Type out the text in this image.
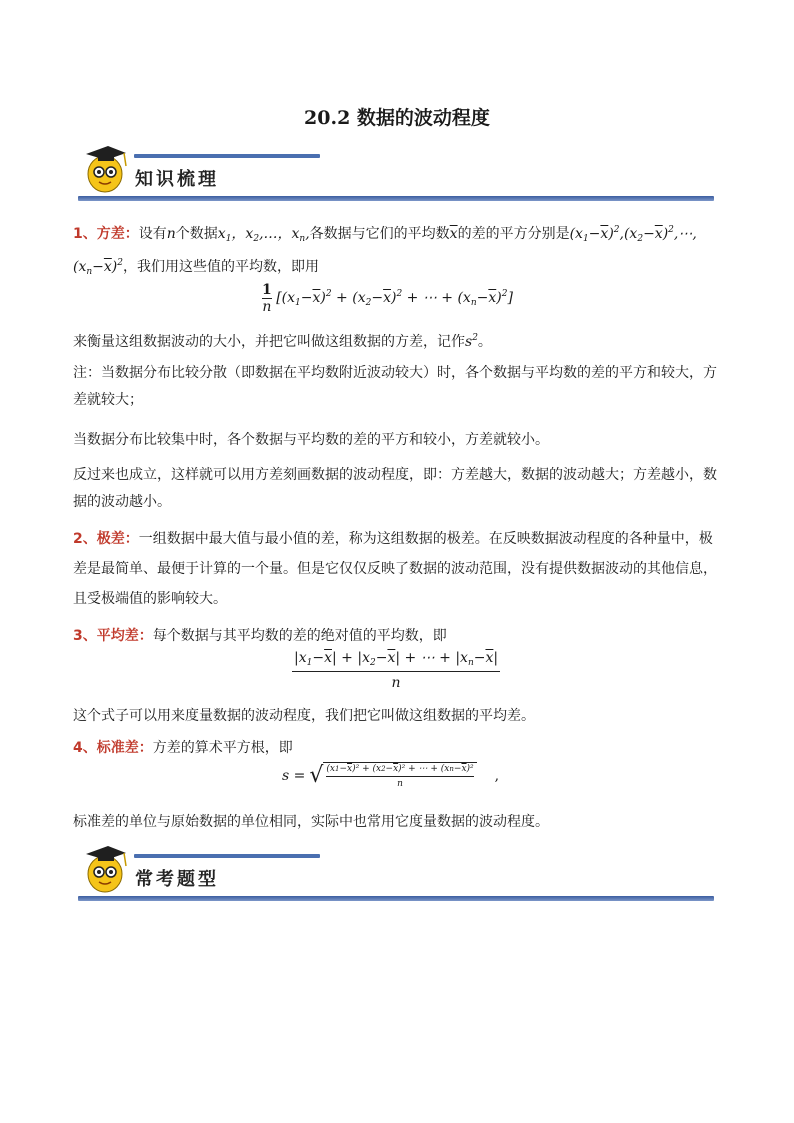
20.2 数据的波动程度
知识梳理
1、方差：设有n个数据$x_1$，$x_2,\dots$，$x_n$,各数据与它们的平均数$\overline{x}$的差的平方分别是$(x_1-\overline{x})^2,(x_2-\overline{x})^2,\cdots,(x_n-\overline{x})^2$，我们用这些值的平均数，即用
$\frac{1}{n} [(x_1-\overline{x})^2 + (x_2-\overline{x})^2$ + ⋯ + $(x_n-\overline{x})^2$]
来衡量这组数据波动的大小，并把它叫做这组数据的方差，记作$s^2$。
注：当数据分布比较分散（即数据在平均数附近波动较大）时，各个数据与平均数的差的平方和较大，方差就较大；
当数据分布比较集中时，各个数据与平均数的差的平方和较小，方差就较小。
反过来也成立，这样就可以用方差刻画数据的波动程度，即：方差越大，数据的波动越大；方差越小，数据的波动越小。
2、极差：一组数据中最大值与最小值的差，称为这组数据的极差。在反映数据波动程度的各种量中，极差是最简单、最便于计算的一个量。但是它仅仅反映了数据的波动范围，没有提供数据波动的其他信息，且受极端值的影响较大。
3、平均差：每个数据与其平均数的差的绝对值的平均数，即
$|x_1-\overline{x}| + |x_2-\overline{x}|$ + ⋯ + $|x_n-\overline{x}|$
n
这个式子可以用来度量数据的波动程度，我们把它叫做这组数据的平均差。
4、标准差：方差的算术平方根，即
s = √ $(x1-\overline{x})^2 + (x2-\overline{x})^2$ + ⋯ + $(xn-\overline{x})^2$
n
,
标准差的单位与原始数据的单位相同，实际中也常用它度量数据的波动程度。
常考题型
